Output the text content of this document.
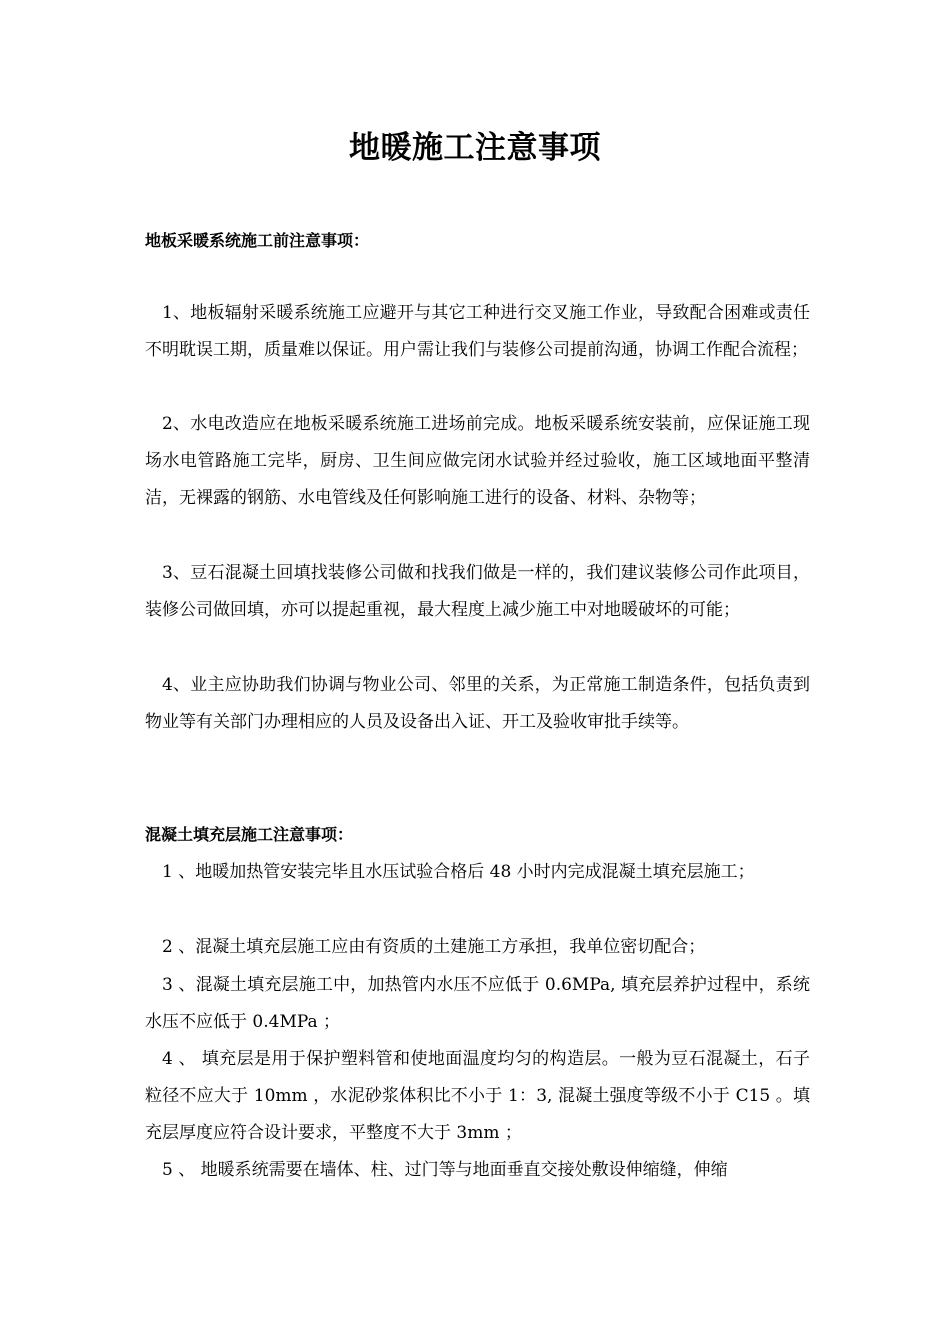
地暖施工注意事项
地板采暖系统施工前注意事项：

1、地板辐射采暖系统施工应避开与其它工种进行交叉施工作业，导致配合困难或责任不明耽误工期，质量难以保证。用户需让我们与装修公司提前沟通，协调工作配合流程；

2、水电改造应在地板采暖系统施工进场前完成。地板采暖系统安装前，应保证施工现场水电管路施工完毕，厨房、卫生间应做完闭水试验并经过验收，施工区域地面平整清洁，无裸露的钢筋、水电管线及任何影响施工进行的设备、材料、杂物等；

3、豆石混凝土回填找装修公司做和找我们做是一样的，我们建议装修公司作此项目，装修公司做回填，亦可以提起重视，最大程度上减少施工中对地暖破坏的可能；

4、业主应协助我们协调与物业公司、邻里的关系，为正常施工制造条件，包括负责到物业等有关部门办理相应的人员及设备出入证、开工及验收审批手续等。

混凝土填充层施工注意事项：

1 、地暖加热管安装完毕且水压试验合格后 48 小时内完成混凝土填充层施工；

2 、混凝土填充层施工应由有资质的土建施工方承担，我单位密切配合；

3 、混凝土填充层施工中，加热管内水压不应低于 0.6MPa, 填充层养护过程中，系统水压不应低于 0.4MPa ；

4 、 填充层是用于保护塑料管和使地面温度均匀的构造层。一般为豆石混凝土，石子粒径不应大于 10mm ，水泥砂浆体积比不小于 1：3, 混凝土强度等级不小于 C15 。填充层厚度应符合设计要求，平整度不大于 3mm ；

5 、 地暖系统需要在墙体、柱、过门等与地面垂直交接处敷设伸缩缝，伸缩
